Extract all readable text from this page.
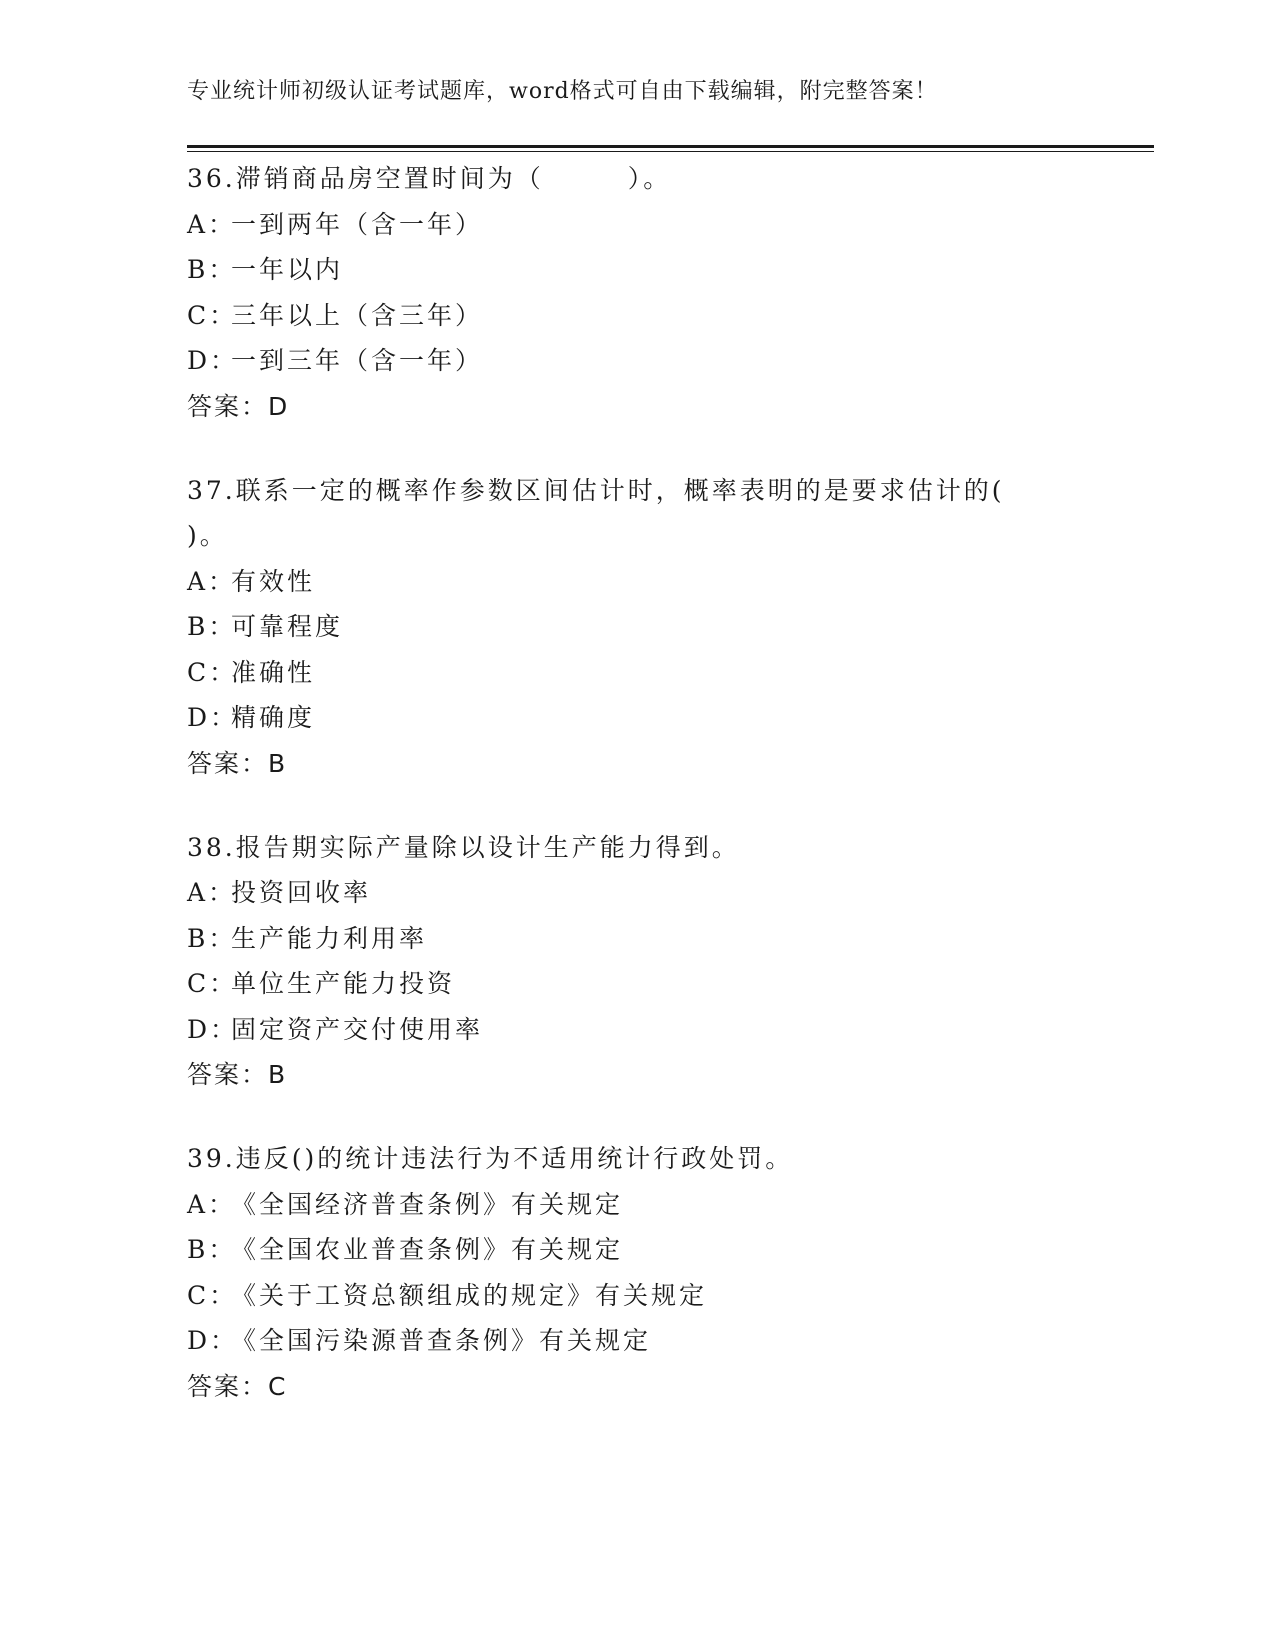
专业统计师初级认证考试题库，word格式可自由下载编辑，附完整答案！
36.滞销商品房空置时间为（　　　）。
A：一到两年（含一年）
B：一年以内
C：三年以上（含三年）
D：一到三年（含一年）
答案：D
37.联系一定的概率作参数区间估计时，概率表明的是要求估计的(
)。
A：有效性
B：可靠程度
C：准确性
D：精确度
答案：B
38.报告期实际产量除以设计生产能力得到。
A：投资回收率
B：生产能力利用率
C：单位生产能力投资
D：固定资产交付使用率
答案：B
39.违反()的统计违法行为不适用统计行政处罚。
A：《全国经济普查条例》有关规定
B：《全国农业普查条例》有关规定
C：《关于工资总额组成的规定》有关规定
D：《全国污染源普查条例》有关规定
答案：C
